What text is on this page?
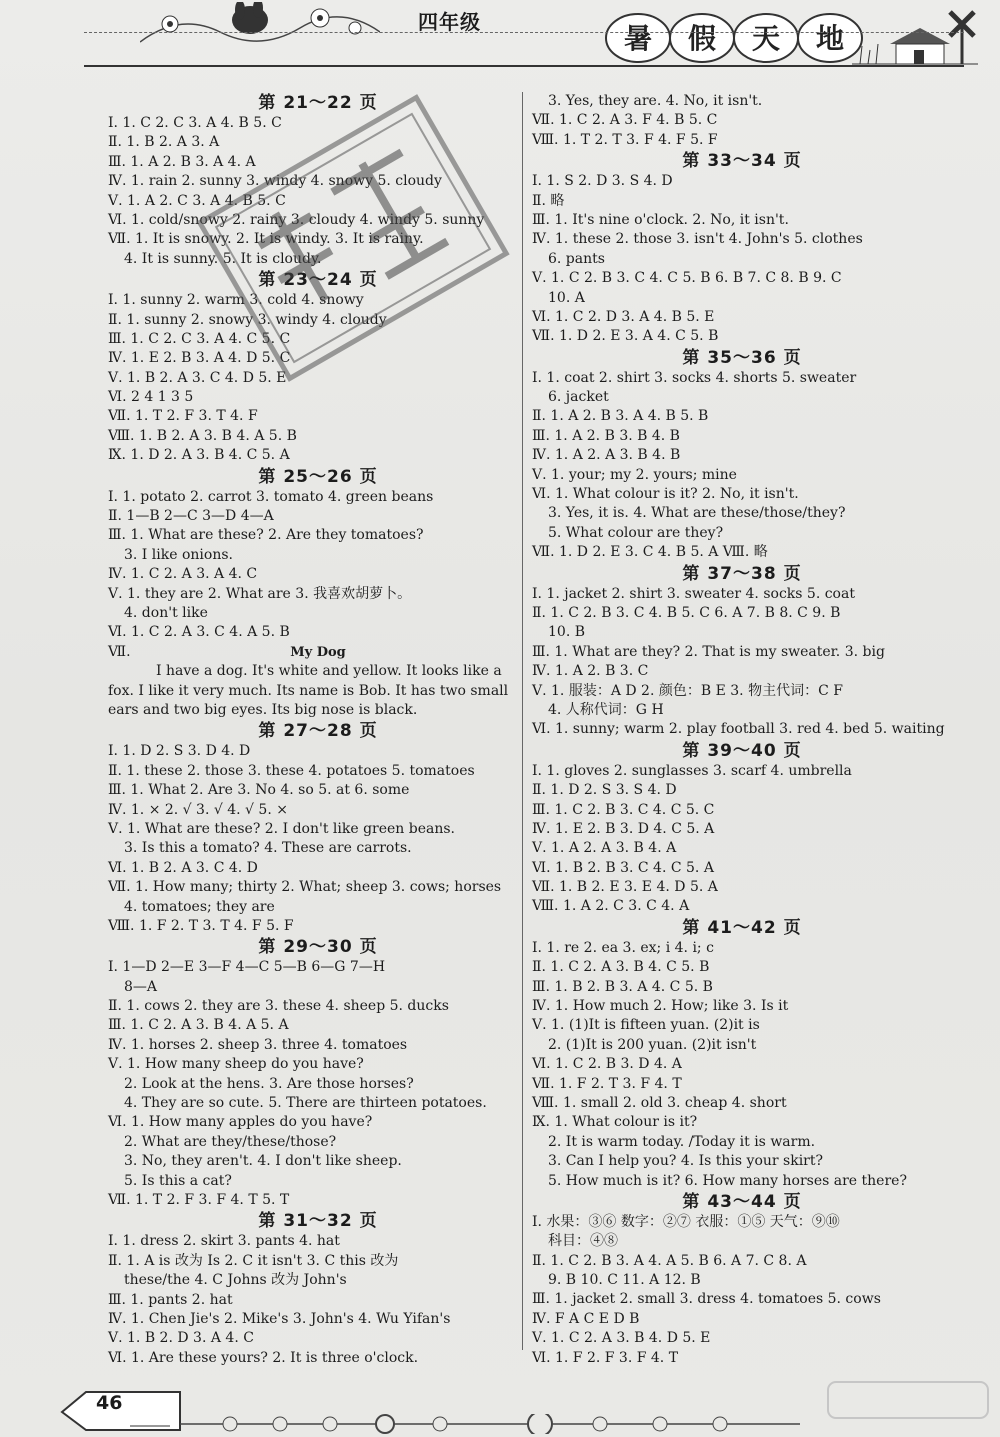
四年级	暑 假 天 地
第 21～22 页
Ⅰ. 1. C 2. C 3. A 4. B 5. C
Ⅱ. 1. B 2. A 3. A
Ⅲ. 1. A 2. B 3. A 4. A
Ⅳ. 1. rain 2. sunny 3. windy 4. snowy 5. cloudy
Ⅴ. 1. A 2. C 3. A 4. B 5. C
Ⅵ. 1. cold/snowy 2. rainy 3. cloudy 4. windy 5. sunny
Ⅶ. 1. It is snowy. 2. It is windy. 3. It is rainy.
4. It is sunny. 5. It is cloudy.
第 23～24 页
Ⅰ. 1. sunny 2. warm 3. cold 4. snowy
Ⅱ. 1. sunny 2. snowy 3. windy 4. cloudy
Ⅲ. 1. C 2. C 3. A 4. C 5. C
Ⅳ. 1. E 2. B 3. A 4. D 5. C
Ⅴ. 1. B 2. A 3. C 4. D 5. E
Ⅵ. 2 4 1 3 5
Ⅶ. 1. T 2. F 3. T 4. F
Ⅷ. 1. B 2. A 3. B 4. A 5. B
Ⅸ. 1. D 2. A 3. B 4. C 5. A
第 25～26 页
Ⅰ. 1. potato 2. carrot 3. tomato 4. green beans
Ⅱ. 1—B 2—C 3—D 4—A
Ⅲ. 1. What are these? 2. Are they tomatoes?
3. I like onions.
Ⅳ. 1. C 2. A 3. A 4. C
Ⅴ. 1. they are 2. What are 3. 我喜欢胡萝卜。
4. don't like
Ⅵ. 1. C 2. A 3. C 4. A 5. B
Ⅶ.	My Dog
I have a dog. It's white and yellow. It looks like a fox. I like it very much. Its name is Bob. It has two small ears and two big eyes. Its big nose is black.
第 27～28 页
Ⅰ. 1. D 2. S 3. D 4. D
Ⅱ. 1. these 2. those 3. these 4. potatoes 5. tomatoes
Ⅲ. 1. What 2. Are 3. No 4. so 5. at 6. some
Ⅳ. 1. × 2. √ 3. √ 4. √ 5. ×
Ⅴ. 1. What are these? 2. I don't like green beans.
3. Is this a tomato? 4. These are carrots.
Ⅵ. 1. B 2. A 3. C 4. D
Ⅶ. 1. How many; thirty 2. What; sheep 3. cows; horses
4. tomatoes; they are
Ⅷ. 1. F 2. T 3. T 4. F 5. F
第 29～30 页
Ⅰ. 1—D 2—E 3—F 4—C 5—B 6—G 7—H
8—A
Ⅱ. 1. cows 2. they are 3. these 4. sheep 5. ducks
Ⅲ. 1. C 2. A 3. B 4. A 5. A
Ⅳ. 1. horses 2. sheep 3. three 4. tomatoes
Ⅴ. 1. How many sheep do you have?
2. Look at the hens. 3. Are those horses?
4. They are so cute. 5. There are thirteen potatoes.
Ⅵ. 1. How many apples do you have?
2. What are they/these/those?
3. No, they aren't. 4. I don't like sheep.
5. Is this a cat?
Ⅶ. 1. T 2. F 3. F 4. T 5. T
第 31～32 页
Ⅰ. 1. dress 2. skirt 3. pants 4. hat
Ⅱ. 1. A is 改为 Is 2. C it isn't 3. C this 改为
these/the 4. C Johns 改为 John's
Ⅲ. 1. pants 2. hat
Ⅳ. 1. Chen Jie's 2. Mike's 3. John's 4. Wu Yifan's
Ⅴ. 1. B 2. D 3. A 4. C
Ⅵ. 1. Are these yours? 2. It is three o'clock.
3. Yes, they are. 4. No, it isn't.
Ⅶ. 1. C 2. A 3. F 4. B 5. C
Ⅷ. 1. T 2. T 3. F 4. F 5. F
第 33～34 页
Ⅰ. 1. S 2. D 3. S 4. D
Ⅱ. 略
Ⅲ. 1. It's nine o'clock. 2. No, it isn't.
Ⅳ. 1. these 2. those 3. isn't 4. John's 5. clothes
6. pants
Ⅴ. 1. C 2. B 3. C 4. C 5. B 6. B 7. C 8. B 9. C
10. A
Ⅵ. 1. C 2. D 3. A 4. B 5. E
Ⅶ. 1. D 2. E 3. A 4. C 5. B
第 35～36 页
Ⅰ. 1. coat 2. shirt 3. socks 4. shorts 5. sweater
6. jacket
Ⅱ. 1. A 2. B 3. A 4. B 5. B
Ⅲ. 1. A 2. B 3. B 4. B
Ⅳ. 1. A 2. A 3. B 4. B
Ⅴ. 1. your; my 2. yours; mine
Ⅵ. 1. What colour is it? 2. No, it isn't.
3. Yes, it is. 4. What are these/those/they?
5. What colour are they?
Ⅶ. 1. D 2. E 3. C 4. B 5. A Ⅷ. 略
第 37～38 页
Ⅰ. 1. jacket 2. shirt 3. sweater 4. socks 5. coat
Ⅱ. 1. C 2. B 3. C 4. B 5. C 6. A 7. B 8. C 9. B
10. B
Ⅲ. 1. What are they? 2. That is my sweater. 3. big
Ⅳ. 1. A 2. B 3. C
Ⅴ. 1. 服装：A D 2. 颜色：B E 3. 物主代词：C F
4. 人称代词：G H
Ⅵ. 1. sunny; warm 2. play football 3. red 4. bed 5. waiting
第 39～40 页
Ⅰ. 1. gloves 2. sunglasses 3. scarf 4. umbrella
Ⅱ. 1. D 2. S 3. S 4. D
Ⅲ. 1. C 2. B 3. C 4. C 5. C
Ⅳ. 1. E 2. B 3. D 4. C 5. A
Ⅴ. 1. A 2. A 3. B 4. A
Ⅵ. 1. B 2. B 3. C 4. C 5. A
Ⅶ. 1. B 2. E 3. E 4. D 5. A
Ⅷ. 1. A 2. C 3. C 4. A
第 41～42 页
Ⅰ. 1. re 2. ea 3. ex; i 4. i; c
Ⅱ. 1. C 2. A 3. B 4. C 5. B
Ⅲ. 1. B 2. B 3. A 4. C 5. B
Ⅳ. 1. How much 2. How; like 3. Is it
Ⅴ. 1. (1)It is fifteen yuan. (2)it is
2. (1)It is 200 yuan. (2)it isn't
Ⅵ. 1. C 2. B 3. D 4. A
Ⅶ. 1. F 2. T 3. F 4. T
Ⅷ. 1. small 2. old 3. cheap 4. short
Ⅸ. 1. What colour is it?
2. It is warm today. /Today it is warm.
3. Can I help you? 4. Is this your skirt?
5. How much is it? 6. How many horses are there?
第 43～44 页
Ⅰ. 水果：③⑥ 数字：②⑦ 衣服：①⑤ 天气：⑨⑩
科目：④⑧
Ⅱ. 1. C 2. B 3. A 4. A 5. B 6. A 7. C 8. A
9. B 10. C 11. A 12. B
Ⅲ. 1. jacket 2. small 3. dress 4. tomatoes 5. cows
Ⅳ. F A C E D B
Ⅴ. 1. C 2. A 3. B 4. D 5. E
Ⅵ. 1. F 2. F 3. F 4. T
46
